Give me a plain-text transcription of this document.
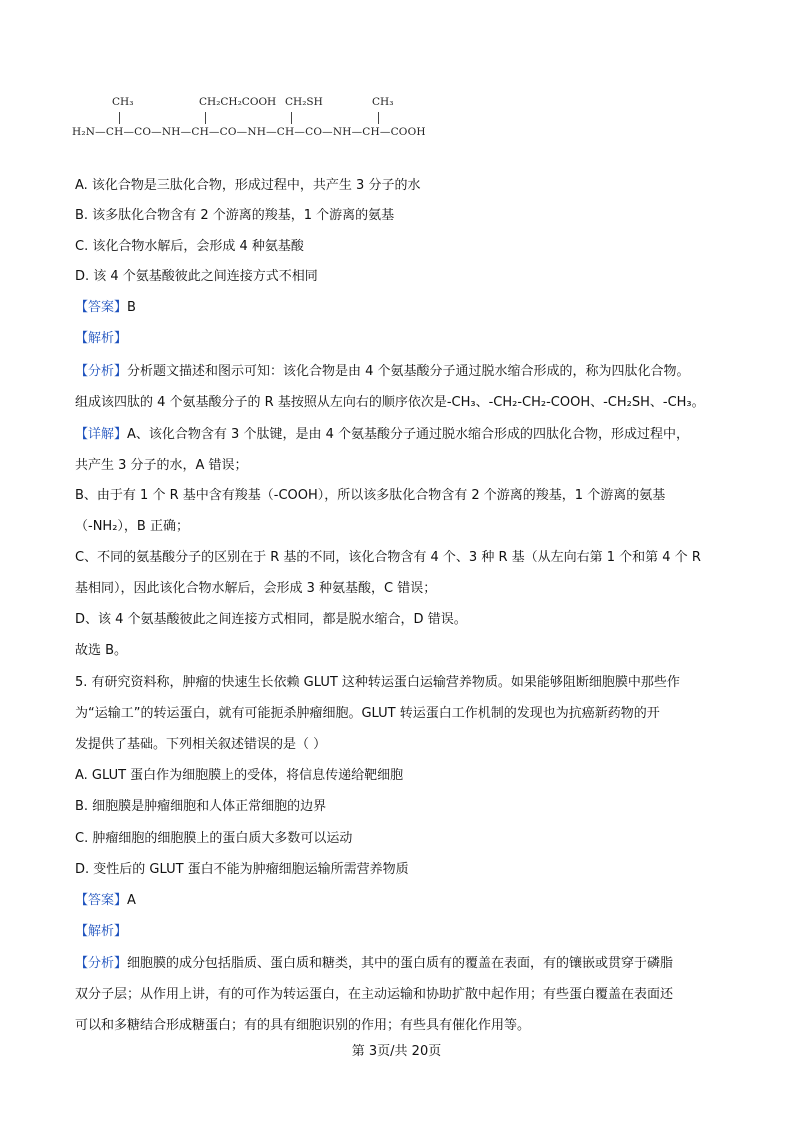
CH₃	CH₂CH₂COOH CH₂SH	CH₃
H₂N—CH—CO—NH—CH—CO—NH—CH—CO—NH—CH—COOH
A. 该化合物是三肽化合物，形成过程中，共产生 3 分子的水
B. 该多肽化合物含有 2 个游离的羧基，1 个游离的氨基
C. 该化合物水解后，会形成 4 种氨基酸
D. 该 4 个氨基酸彼此之间连接方式不相同
【答案】B
【解析】
【分析】分析题文描述和图示可知：该化合物是由 4 个氨基酸分子通过脱水缩合形成的，称为四肽化合物。
组成该四肽的 4 个氨基酸分子的 R 基按照从左向右的顺序依次是-CH₃、-CH₂-CH₂-COOH、-CH₂SH、-CH₃。
【详解】A、该化合物含有 3 个肽键，是由 4 个氨基酸分子通过脱水缩合形成的四肽化合物，形成过程中，
共产生 3 分子的水，A 错误；
B、由于有 1 个 R 基中含有羧基（-COOH），所以该多肽化合物含有 2 个游离的羧基，1 个游离的氨基
（-NH₂），B 正确；
C、不同的氨基酸分子的区别在于 R 基的不同，该化合物含有 4 个、3 种 R 基（从左向右第 1 个和第 4 个 R
基相同），因此该化合物水解后，会形成 3 种氨基酸，C 错误；
D、该 4 个氨基酸彼此之间连接方式相同，都是脱水缩合，D 错误。
故选 B。
5. 有研究资料称，肿瘤的快速生长依赖 GLUT 这种转运蛋白运输营养物质。如果能够阻断细胞膜中那些作
为“运输工”的转运蛋白，就有可能扼杀肿瘤细胞。GLUT 转运蛋白工作机制的发现也为抗癌新药物的开
发提供了基础。下列相关叙述错误的是（ ）
A. GLUT 蛋白作为细胞膜上的受体，将信息传递给靶细胞
B. 细胞膜是肿瘤细胞和人体正常细胞的边界
C. 肿瘤细胞的细胞膜上的蛋白质大多数可以运动
D. 变性后的 GLUT 蛋白不能为肿瘤细胞运输所需营养物质
【答案】A
【解析】
【分析】细胞膜的成分包括脂质、蛋白质和糖类，其中的蛋白质有的覆盖在表面，有的镶嵌或贯穿于磷脂
双分子层；从作用上讲，有的可作为转运蛋白，在主动运输和协助扩散中起作用；有些蛋白覆盖在表面还
可以和多糖结合形成糖蛋白；有的具有细胞识别的作用；有些具有催化作用等。
第 3页/共 20页
